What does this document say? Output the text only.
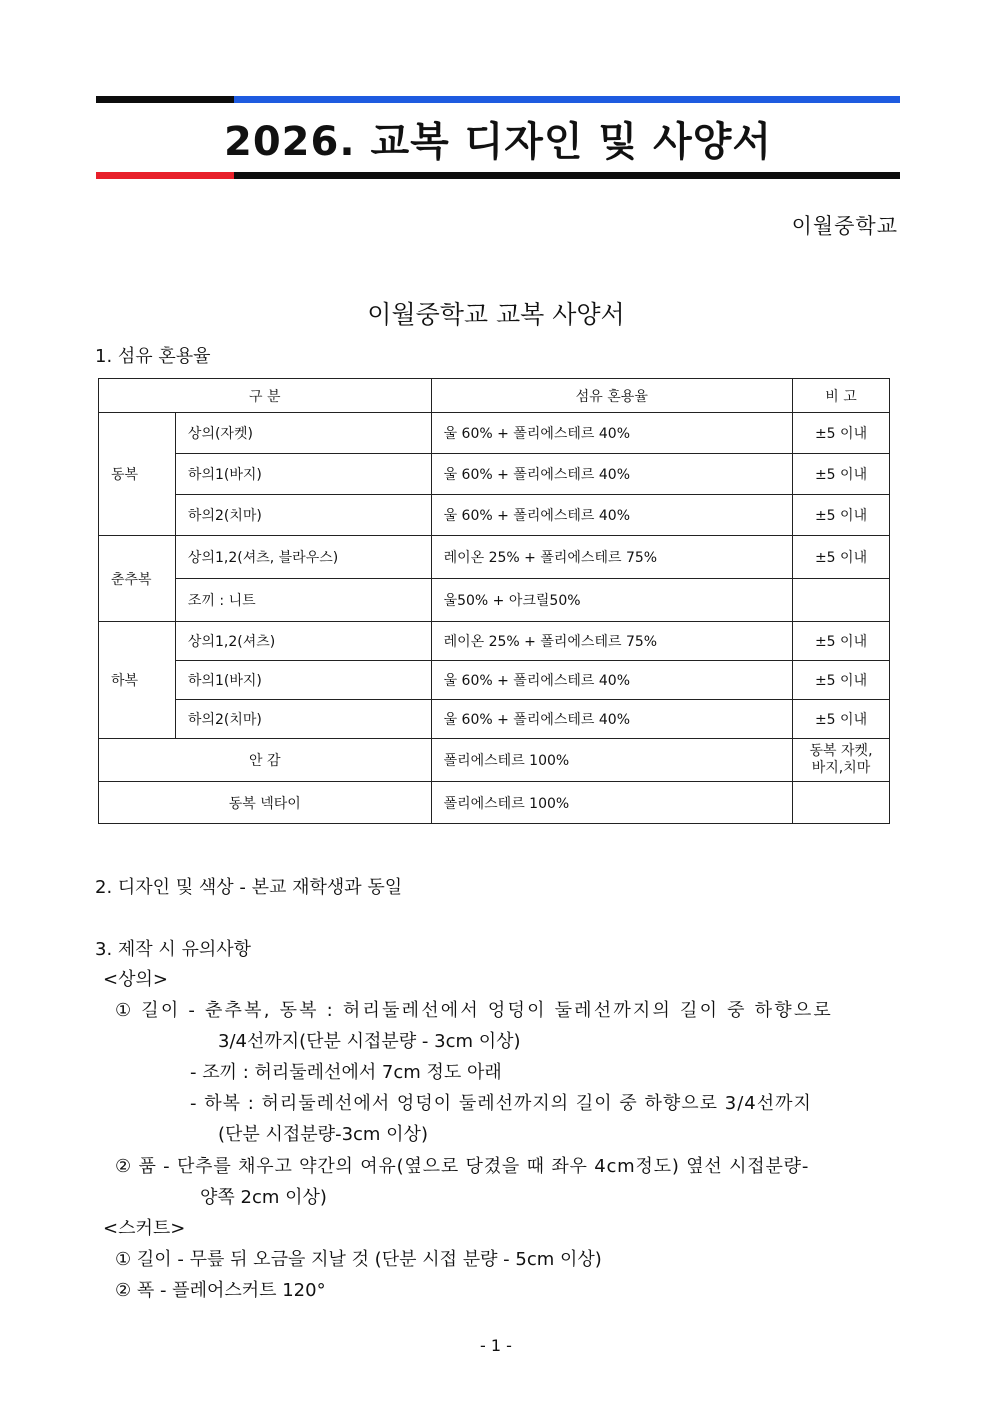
2026. 교복 디자인 및 사양서
이월중학교
이월중학교 교복 사양서
1. 섬유 혼용율
구 분		섬유 혼용율	비 고
동복	상의(자켓)	울 60% + 폴리에스테르 40%	±5 이내
	하의1(바지)	울 60% + 폴리에스테르 40%	±5 이내
	하의2(치마)	울 60% + 폴리에스테르 40%	±5 이내
춘추복	상의1,2(셔츠, 블라우스)	레이온 25% + 폴리에스테르 75%	±5 이내
	조끼 : 니트	울50% + 아크릴50%	
하복	상의1,2(셔츠)	레이온 25% + 폴리에스테르 75%	±5 이내
	하의1(바지)	울 60% + 폴리에스테르 40%	±5 이내
	하의2(치마)	울 60% + 폴리에스테르 40%	±5 이내
안 감		폴리에스테르 100%	동복 자켓,
바지,치마

동복 넥타이		폴리에스테르 100%	
2. 디자인 및 색상 - 본교 재학생과 동일
3. 제작 시 유의사항
<상의>
① 길이 - 춘추복, 동복 : 허리둘레선에서 엉덩이 둘레선까지의 길이 중 하향으로
3/4선까지(단분 시접분량 - 3cm 이상)
- 조끼 : 허리둘레선에서 7cm 정도 아래
- 하복 : 허리둘레선에서 엉덩이 둘레선까지의 길이 중 하향으로 3/4선까지
(단분 시접분량-3cm 이상)
② 품 - 단추를 채우고 약간의 여유(옆으로 당겼을 때 좌우 4cm정도) 옆선 시접분량-
양쪽 2cm 이상)
<스커트>
① 길이 - 무릎 뒤 오금을 지날 것 (단분 시접 분량 - 5cm 이상)
② 폭 - 플레어스커트 120°
- 1 -
